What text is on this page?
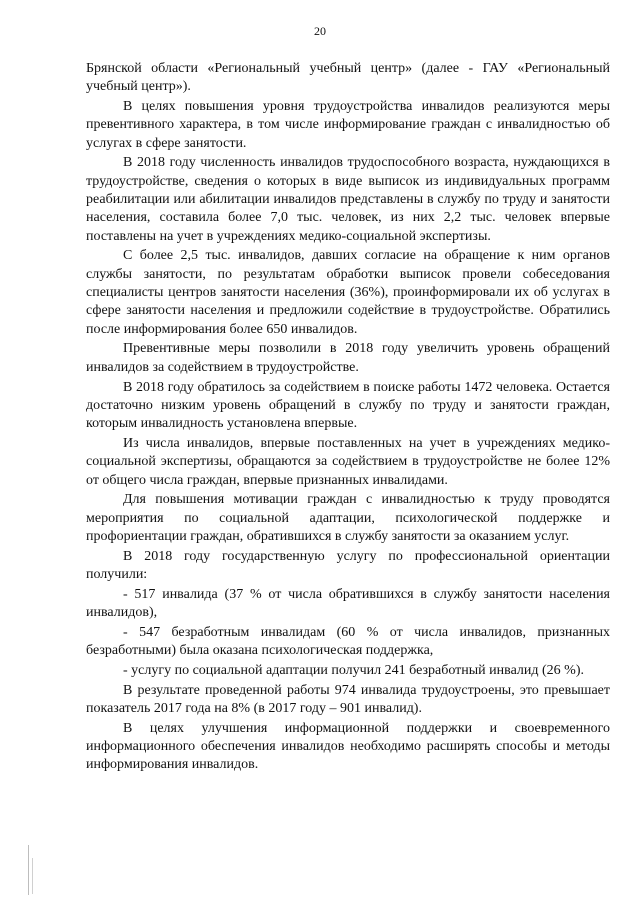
20

Брянской области «Региональный учебный центр» (далее - ГАУ «Региональный учебный центр»).

В целях повышения уровня трудоустройства инвалидов реализуются меры превентивного характера, в том числе информирование граждан с инвалидностью об услугах в сфере занятости.

В 2018 году численность инвалидов трудоспособного возраста, нуждающихся в трудоустройстве, сведения о которых в виде выписок из индивидуальных программ реабилитации или абилитации инвалидов представлены в службу по труду и занятости населения, составила более 7,0 тыс. человек, из них 2,2 тыс. человек впервые поставлены на учет в учреждениях медико-социальной экспертизы.

С более 2,5 тыс. инвалидов, давших согласие на обращение к ним органов службы занятости, по результатам обработки выписок провели собеседования специалисты центров занятости населения (36%), проинформировали их об услугах в сфере занятости населения и предложили содействие в трудоустройстве. Обратились после информирования более 650 инвалидов.

Превентивные меры позволили в 2018 году увеличить уровень обращений инвалидов за содействием в трудоустройстве.

В 2018 году обратилось за содействием в поиске работы 1472 человека. Остается достаточно низким уровень обращений в службу по труду и занятости граждан, которым инвалидность установлена впервые.

Из числа инвалидов, впервые поставленных на учет в учреждениях медико-социальной экспертизы, обращаются за содействием в трудоустройстве не более 12% от общего числа граждан, впервые признанных инвалидами.

Для повышения мотивации граждан с инвалидностью к труду проводятся мероприятия по социальной адаптации, психологической поддержке и профориентации граждан, обратившихся в службу занятости за оказанием услуг.

В 2018 году государственную услугу по профессиональной ориентации получили:

- 517 инвалида (37 % от числа обратившихся в службу занятости населения инвалидов),

- 547 безработным инвалидам (60 % от числа инвалидов, признанных безработными) была оказана психологическая поддержка,

- услугу по социальной адаптации получил 241 безработный инвалид (26 %).

В результате проведенной работы 974 инвалида трудоустроены, это превышает показатель 2017 года на 8% (в 2017 году – 901 инвалид).

В целях улучшения информационной поддержки и своевременного информационного обеспечения инвалидов необходимо расширять способы и методы информирования инвалидов.
